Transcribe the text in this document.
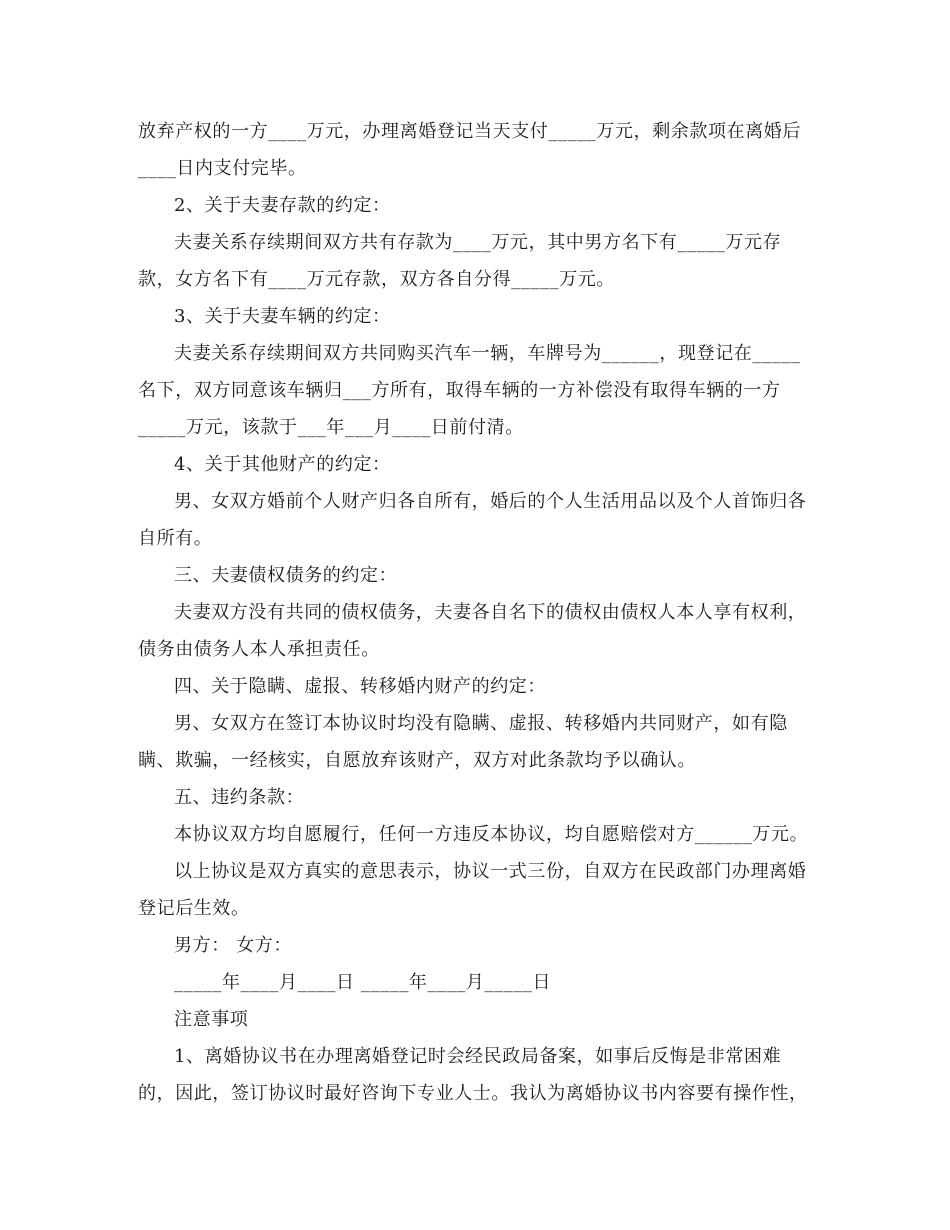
放弃产权的一方____万元，办理离婚登记当天支付_____万元，剩余款项在离婚后
____日内支付完毕。
2、关于夫妻存款的约定：
夫妻关系存续期间双方共有存款为____万元，其中男方名下有_____万元存
款，女方名下有____万元存款，双方各自分得_____万元。
3、关于夫妻车辆的约定：
夫妻关系存续期间双方共同购买汽车一辆，车牌号为______，现登记在_____
名下，双方同意该车辆归___方所有，取得车辆的一方补偿没有取得车辆的一方
_____万元，该款于___年___月____日前付清。
4、关于其他财产的约定：
男、女双方婚前个人财产归各自所有，婚后的个人生活用品以及个人首饰归各
自所有。
三、夫妻债权债务的约定：
夫妻双方没有共同的债权债务，夫妻各自名下的债权由债权人本人享有权利，
债务由债务人本人承担责任。
四、关于隐瞒、虚报、转移婚内财产的约定：
男、女双方在签订本协议时均没有隐瞒、虚报、转移婚内共同财产，如有隐
瞒、欺骗，一经核实，自愿放弃该财产，双方对此条款均予以确认。
五、违约条款：
本协议双方均自愿履行，任何一方违反本协议，均自愿赔偿对方______万元。
以上协议是双方真实的意思表示，协议一式三份，自双方在民政部门办理离婚
登记后生效。
男方： 女方：
_____年____月____日 _____年____月_____日
注意事项
1、离婚协议书在办理离婚登记时会经民政局备案，如事后反悔是非常困难
的，因此，签订协议时最好咨询下专业人士。我认为离婚协议书内容要有操作性，
